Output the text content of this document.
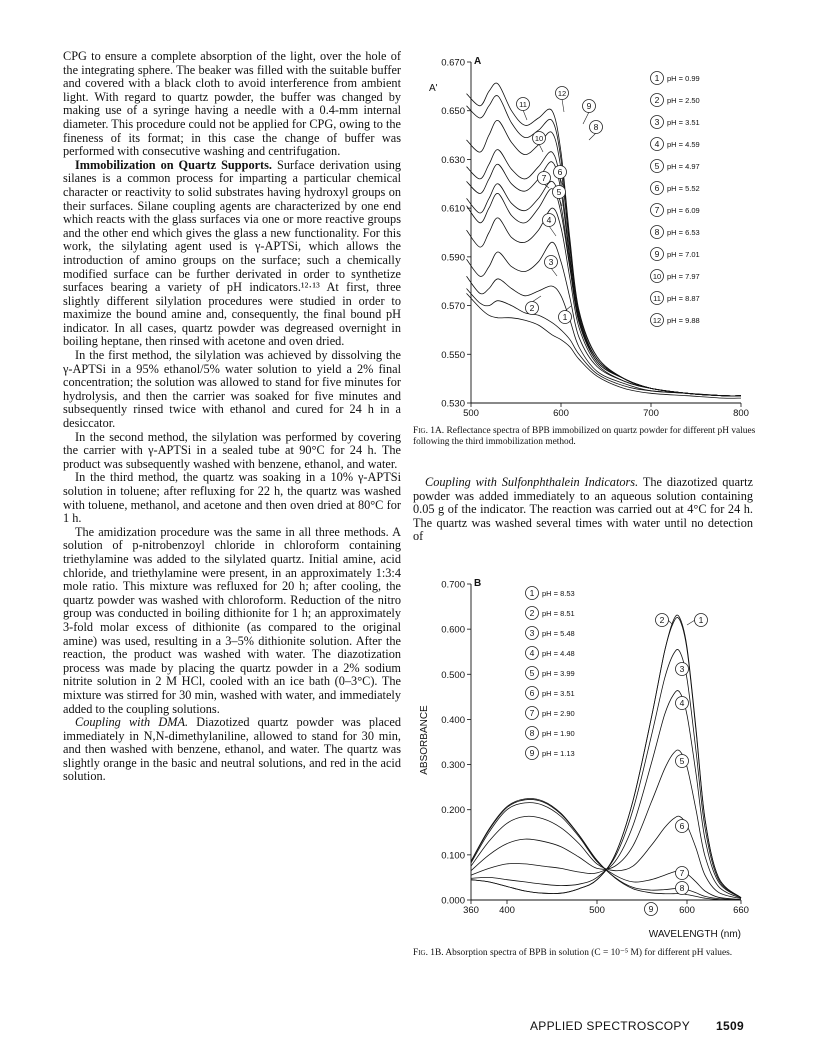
CPG to ensure a complete absorption of the light, over the hole of the integrating sphere. The beaker was filled with the suitable buffer and covered with a black cloth to avoid interference from ambient light. With regard to quartz powder, the buffer was changed by making use of a syringe having a needle with a 0.4-mm internal diameter. This procedure could not be applied for CPG, owing to the fineness of its format; in this case the change of buffer was performed with consecutive washing and centrifugation.

Immobilization on Quartz Supports. Surface derivation using silanes is a common process for imparting a particular chemical character or reactivity to solid substrates having hydroxyl groups on their surfaces. Silane coupling agents are characterized by one end which reacts with the glass surfaces via one or more reactive groups and the other end which gives the glass a new functionality. For this work, the silylating agent used is γ-APTSi, which allows the introduction of amino groups on the surface; such a chemically modified surface can be further derivated in order to synthetize surfaces bearing a variety of pH indicators.¹²·¹³ At first, three slightly different silylation procedures were studied in order to maximize the bound amine and, consequently, the final bound pH indicator. In all cases, quartz powder was degreased overnight in boiling heptane, then rinsed with acetone and oven dried.

In the first method, the silylation was achieved by dissolving the γ-APTSi in a 95% ethanol/5% water solution to yield a 2% final concentration; the solution was allowed to stand for five minutes for hydrolysis, and then the carrier was soaked for five minutes and subsequently rinsed twice with ethanol and cured for 24 h in a desiccator.

In the second method, the silylation was performed by covering the carrier with γ-APTSi in a sealed tube at 90°C for 24 h. The product was subsequently washed with benzene, ethanol, and water.

In the third method, the quartz was soaking in a 10% γ-APTSi solution in toluene; after refluxing for 22 h, the quartz was washed with toluene, methanol, and acetone and then oven dried at 80°C for 1 h.

The amidization procedure was the same in all three methods. A solution of p-nitrobenzoyl chloride in chloroform containing triethylamine was added to the silylated quartz. Initial amine, acid chloride, and triethylamine were present, in an approximately 1:3:4 mole ratio. This mixture was refluxed for 20 h; after cooling, the quartz powder was washed with chloroform. Reduction of the nitro group was conducted in boiling dithionite for 1 h; an approximately 3-fold molar excess of dithionite (as compared to the original amine) was used, resulting in a 3–5% dithionite solution. After the reaction, the product was washed with water. The diazotization process was made by placing the quartz powder in a 2% sodium nitrite solution in 2 M HCl, cooled with an ice bath (0–3°C). The mixture was stirred for 30 min, washed with water, and immediately added to the coupling solutions.

Coupling with DMA. Diazotized quartz powder was placed immediately in N,N-dimethylaniline, allowed to stand for 30 min, and then washed with benzene, ethanol, and water. The quartz was slightly orange in the basic and neutral solutions, and red in the acid solution.

0.530
0.550
0.570
0.590
0.610
0.630
0.650
0.670
500	600	700	800
A
A'
1 pH = 0.99
2 pH = 2.50
3 pH = 3.51
4 pH = 4.59
5 pH = 4.97
6 pH = 5.52
7 pH = 6.09
8 pH = 6.53
9 pH = 7.01
10 pH = 7.97
11 pH = 8.87
12 pH = 9.88
11
12
9
8
10
6
7
5
4
3
2
1
Fig. 1A. Reflectance spectra of BPB immobilized on quartz powder for different pH values following the third immobilization method.

Coupling with Sulfonphthalein Indicators. The diazotized quartz powder was added immediately to an aqueous solution containing 0.05 g of the indicator. The reaction was carried out at 4°C for 24 h. The quartz was washed several times with water until no detection of

0.000
0.100
0.200
0.300
0.400
0.500
0.600
0.700
360 400	500	600	660
B
ABSORBANCE
WAVELENGTH (nm)
1 pH = 8.53
2 pH = 8.51
3 pH = 5.48
4 pH = 4.48
5 pH = 3.99
6 pH = 3.51
7 pH = 2.90
8 pH = 1.90
9 pH = 1.13
2	1
3
4
5
6
7
8
9
Fig. 1B. Absorption spectra of BPB in solution (C = 10⁻⁵ M) for different pH values.
APPLIED SPECTROSCOPY 1509
